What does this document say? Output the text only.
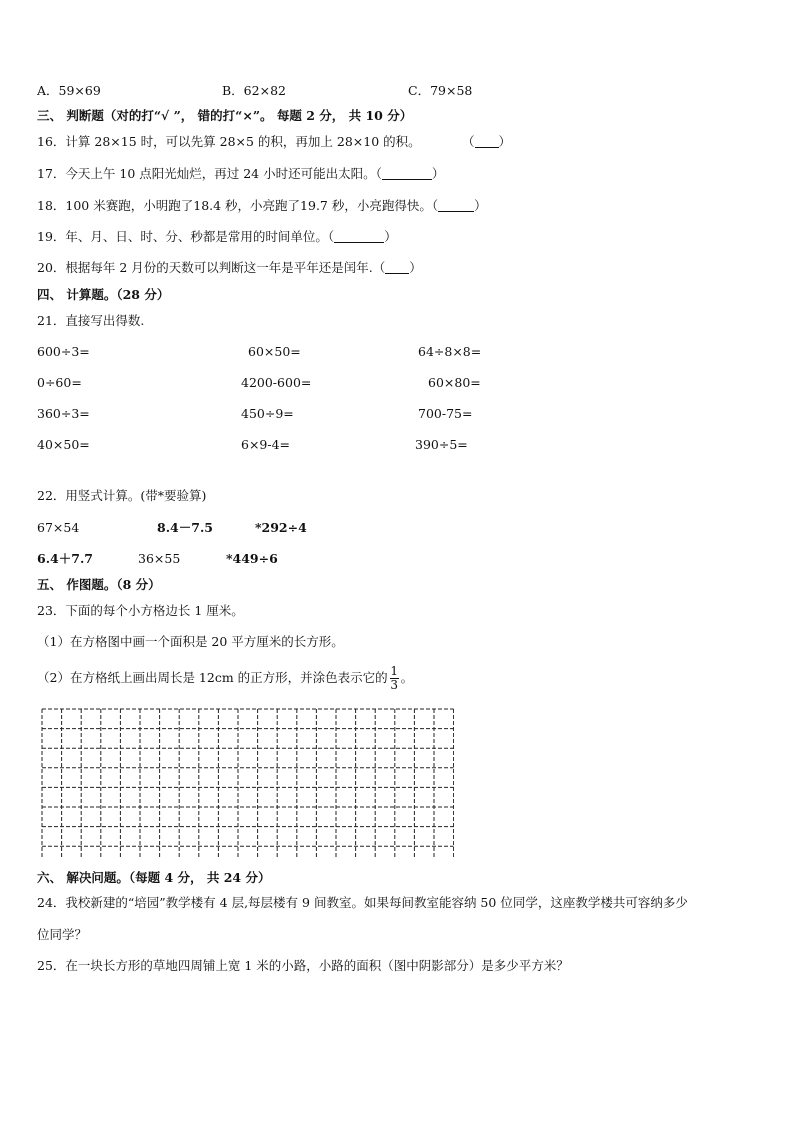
A．59×69	B．62×82	C．79×58
三、 判断题（对的打“√ ”， 错的打“×”。 每题 2 分， 共 10 分）
16．计算 28×15 时，可以先算 28×5 的积，再加上 28×10 的积。	（ ）
17．今天上午 10 点阳光灿烂，再过 24 小时还可能出太阳。（	）
18．100 米赛跑，小明跑了18.4 秒，小亮跑了19.7 秒，小亮跑得快。（	）
19．年、月、日、时、分、秒都是常用的时间单位。（	）
20．根据每年 2 月份的天数可以判断这一年是平年还是闰年.（ ）
四、 计算题。（28 分）
21．直接写出得数.
600÷3=	60×50=	64÷8×8=
0÷60=	4200-600=	60×80=
360÷3=	450÷9=	700-75=
40×50=	6×9-4=	390÷5=
22．用竖式计算。(带*要验算)
67×54	8.4－7.5	*292÷4
6.4＋7.7	36×55	*449÷6
五、 作图题。（8 分）
23．下面的每个小方格边长 1 厘米。
（1）在方格图中画一个面积是 20 平方厘米的长方形。
（2）在方格纸上画出周长是 12cm 的正方形，并涂色表示它的 $\frac{1}{3}$ 。
六、 解决问题。（每题 4 分， 共 24 分）
24．我校新建的“培园”教学楼有 4 层,每层楼有 9 间教室。如果每间教室能容纳 50 位同学，这座教学楼共可容纳多少
位同学？
25．在一块长方形的草地四周铺上宽 1 米的小路，小路的面积（图中阴影部分）是多少平方米？
